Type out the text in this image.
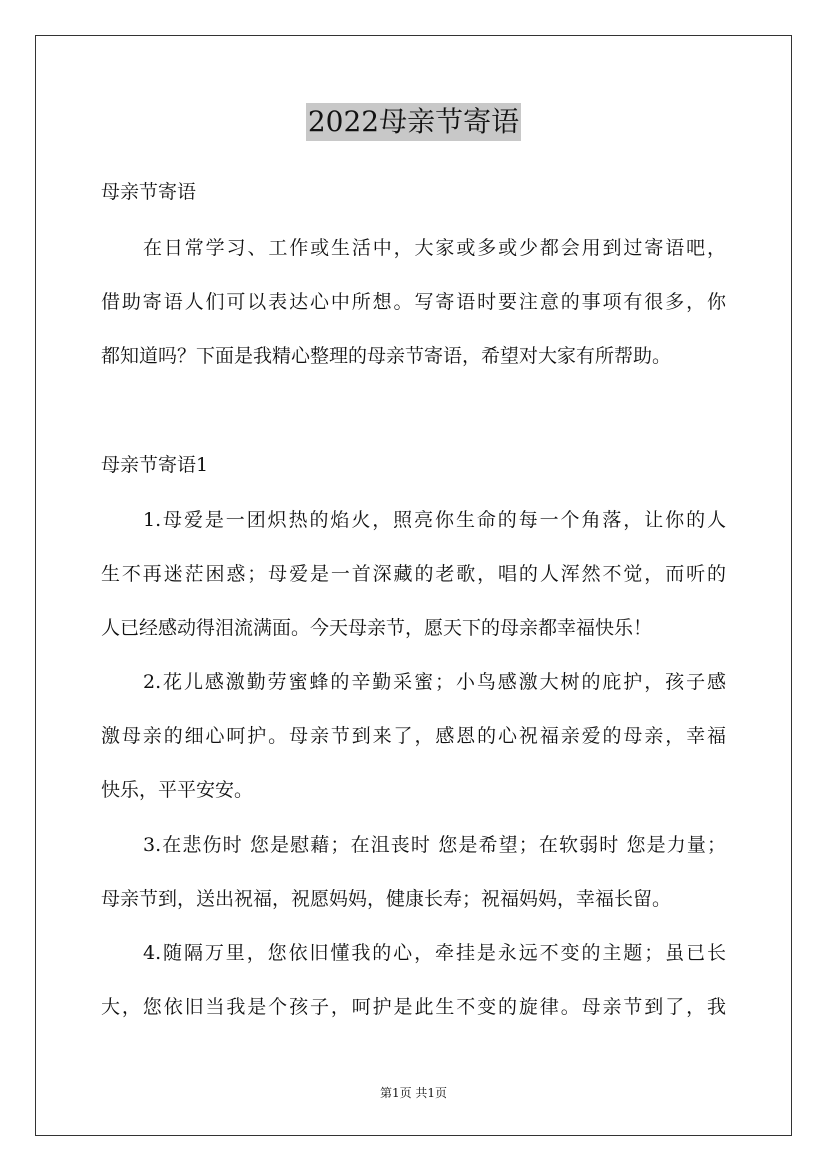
2022母亲节寄语
母亲节寄语
在日常学习、工作或生活中，大家或多或少都会用到过寄语吧，
借助寄语人们可以表达心中所想。写寄语时要注意的事项有很多，你
都知道吗？下面是我精心整理的母亲节寄语，希望对大家有所帮助。
母亲节寄语1
1.母爱是一团炽热的焰火，照亮你生命的每一个角落，让你的人
生不再迷茫困惑；母爱是一首深藏的老歌，唱的人浑然不觉，而听的
人已经感动得泪流满面。今天母亲节，愿天下的母亲都幸福快乐！
2.花儿感激勤劳蜜蜂的辛勤采蜜；小鸟感激大树的庇护，孩子感
激母亲的细心呵护。母亲节到来了，感恩的心祝福亲爱的母亲，幸福
快乐，平平安安。
3.在悲伤时 您是慰藉；在沮丧时 您是希望；在软弱时 您是力量；
母亲节到，送出祝福，祝愿妈妈，健康长寿；祝福妈妈，幸福长留。
4.随隔万里，您依旧懂我的心，牵挂是永远不变的主题；虽已长
大，您依旧当我是个孩子，呵护是此生不变的旋律。母亲节到了，我
第1页 共1页
